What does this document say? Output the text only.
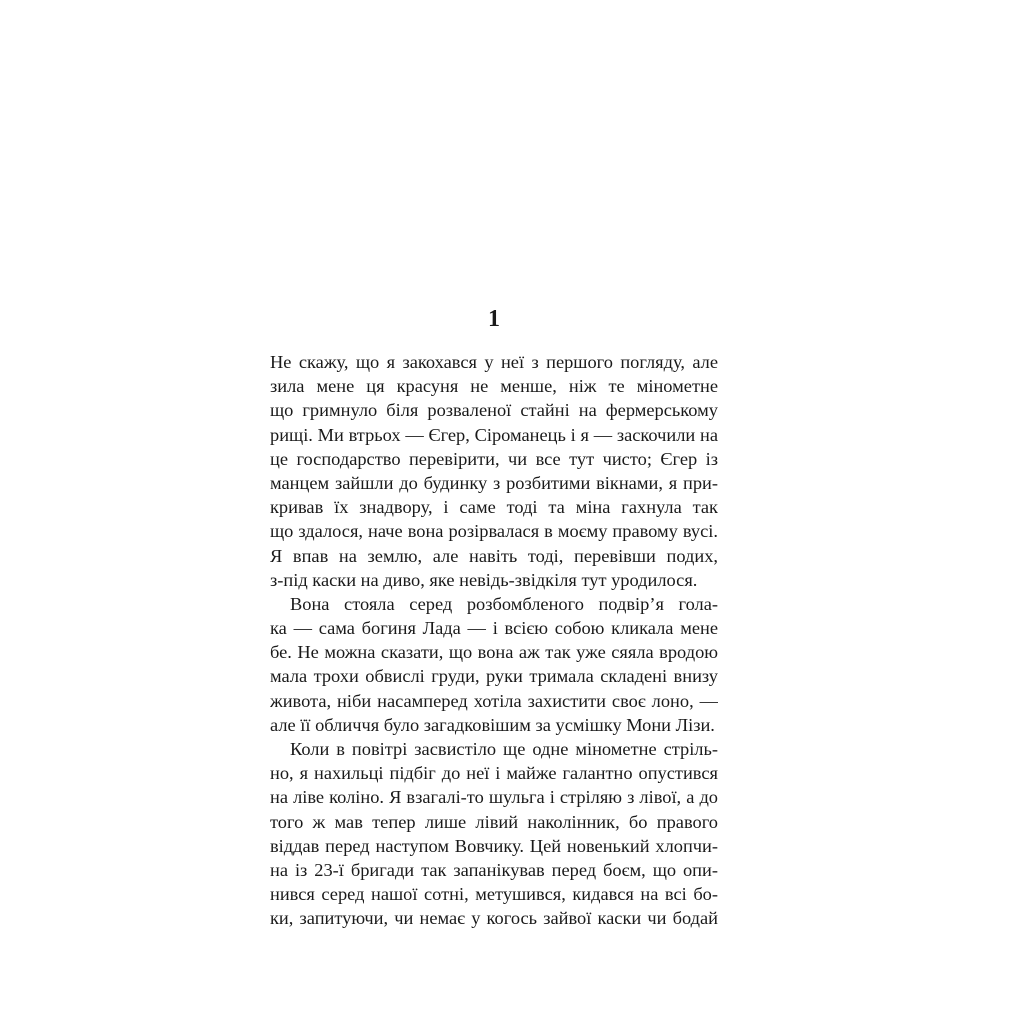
1

Не скажу, що я закохався у неї з першого погляду, але
зила мене ця красуня не менше, ніж те мінометне
що гримнуло біля розваленої стайні на фермерському
рищі. Ми втрьох — Єгер, Сіроманець і я — заскочили на
це господарство перевірити, чи все тут чисто; Єгер із
манцем зайшли до будинку з розбитими вікнами, я при-
кривав їх знадвору, і саме тоді та міна гахнула так
що здалося, наче вона розірвалася в моєму правому вусі.
Я впав на землю, але навіть тоді, перевівши подих,
з-під каски на диво, яке невідь-звідкіля тут уродилося.

Вона стояла серед розбомбленого подвір’я гола-
ка — сама богиня Лада — і всією собою кликала мене
бе. Не можна сказати, що вона аж так уже сяяла вродою
мала трохи обвислі груди, руки тримала складені внизу
живота, ніби насамперед хотіла захистити своє лоно, —
але її обличчя було загадковішим за усмішку Мони Лізи.

Коли в повітрі засвистіло ще одне мінометне стріль-
но, я нахильці підбіг до неї і майже галантно опустився
на ліве коліно. Я взагалі-то шульга і стріляю з лівої, а до
того ж мав тепер лише лівий наколінник, бо правого
віддав перед наступом Вовчику. Цей новенький хлопчи-
на із 23-ї бригади так запанікував перед боєм, що опи-
нився серед нашої сотні, метушився, кидався на всі бо-
ки, запитуючи, чи немає у когось зайвої каски чи бодай
